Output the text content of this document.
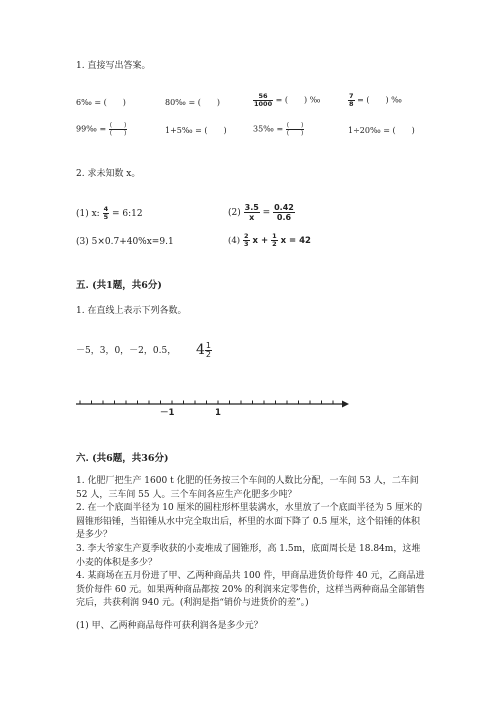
1. 直接写出答案。
6‰ = (　　)	80‰ = (　　)	$\frac{56}{1000}$ = (　　) ‰	$\frac{7}{8}$ = (　　) ‰
99‰ = $\frac{( )}{( )}$	1+5‰ = (　　)	35‰ = $\frac{( )}{( )}$	1÷20‰ = (　　)
2. 求未知数 x。
(1) x: $\frac{4}{5}$ = 6:12	$(2) \frac{3.5}{x} = \frac{0.42}{0.6}$
(3) 5×0.7+40%x=9.1	$(4) \frac{2}{3}$ $x + \frac{1}{2}$ x = 42
五. (共1题，共6分)
1. 在直线上表示下列各数。
－5，3，0，－2，0.5， $4 \frac{1}{2}$
－1	1
六. (共6题，共36分)
1. 化肥厂把生产 1600 t 化肥的任务按三个车间的人数比分配，一车间 53 人，二车间 52 人，三车间 55 人。三个车间各应生产化肥多少吨？
2. 在一个底面半径为 10 厘米的圆柱形杯里装满水，水里放了一个底面半径为 5 厘米的圆锥形铅锤，当铅锤从水中完全取出后，杯里的水面下降了 0.5 厘米，这个铅锤的体积是多少？
3. 李大爷家生产夏季收获的小麦堆成了圆锥形，高 1.5m，底面周长是 18.84m，这堆小麦的体积是多少？
4. 某商场在五月份进了甲、乙两种商品共 100 件，甲商品进货价每件 40 元，乙商品进货价每件 60 元。如果两种商品都按 20% 的利润来定零售价，这样当两种商品全部销售完后，共获利润 940 元。(利润是指“销价与进货价的差”。)
(1) 甲、乙两种商品每件可获利润各是多少元？
